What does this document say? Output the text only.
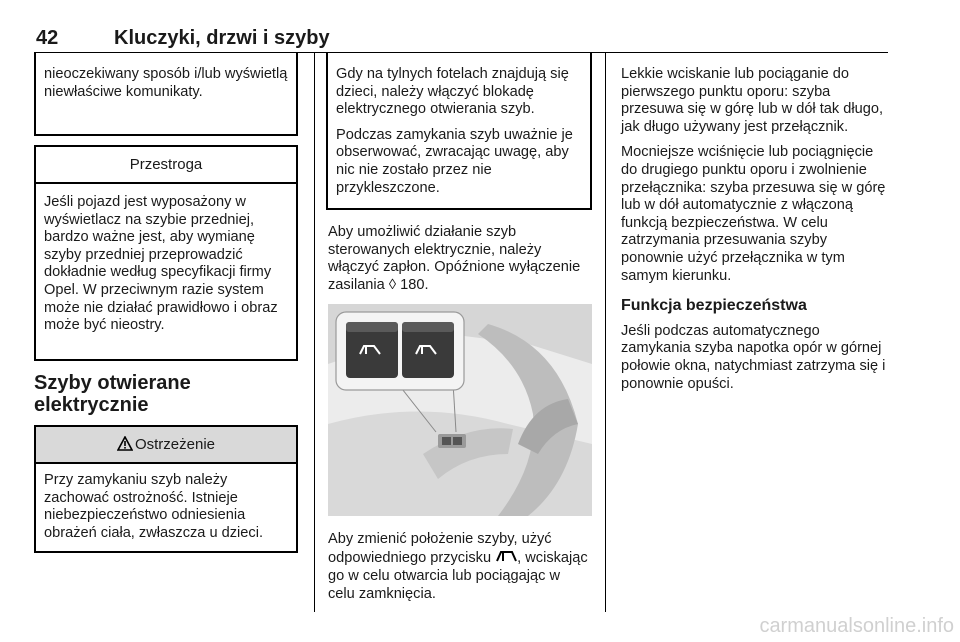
42	Kluczyki, drzwi i szyby
nieoczekiwany sposób i/lub wyświetlą niewłaściwe komunikaty.
Przestroga
Jeśli pojazd jest wyposażony w wyświetlacz na szybie przedniej, bardzo ważne jest, aby wymianę szyby przedniej przeprowadzić dokładnie według specyfikacji firmy Opel. W przeciwnym razie system może nie działać prawidłowo i obraz może być nieostry.
Szyby otwierane elektrycznie
Ostrzeżenie
Przy zamykaniu szyb należy zachować ostrożność. Istnieje niebezpieczeństwo odniesienia obrażeń ciała, zwłaszcza u dzieci.

Gdy na tylnych fotelach znajdują się dzieci, należy włączyć blokadę elektrycznego otwierania szyb.

Podczas zamykania szyb uważnie je obserwować, zwracając uwagę, aby nic nie zostało przez nie przykleszczone.

Aby umożliwić działanie szyb sterowanych elektrycznie, należy włączyć zapłon. Opóźnione wyłączenie zasilania ◊ 180.
Aby zmienić położenie szyby, użyć odpowiedniego przycisku , wciskając go w celu otwarcia lub pociągając w celu zamknięcia.

Lekkie wciskanie lub pociąganie do pierwszego punktu oporu: szyba przesuwa się w górę lub w dół tak długo, jak długo używany jest przełącznik.

Mocniejsze wciśnięcie lub pociągnięcie do drugiego punktu oporu i zwolnienie przełącznika: szyba przesuwa się w górę lub w dół automatycznie z włączoną funkcją bezpieczeństwa. W celu zatrzymania przesuwania szyby ponownie użyć przełącznika w tym samym kierunku.

Funkcja bezpieczeństwa

Jeśli podczas automatycznego zamykania szyba napotka opór w górnej połowie okna, natychmiast zatrzyma się i ponownie opuści.

carmanualsonline.info
